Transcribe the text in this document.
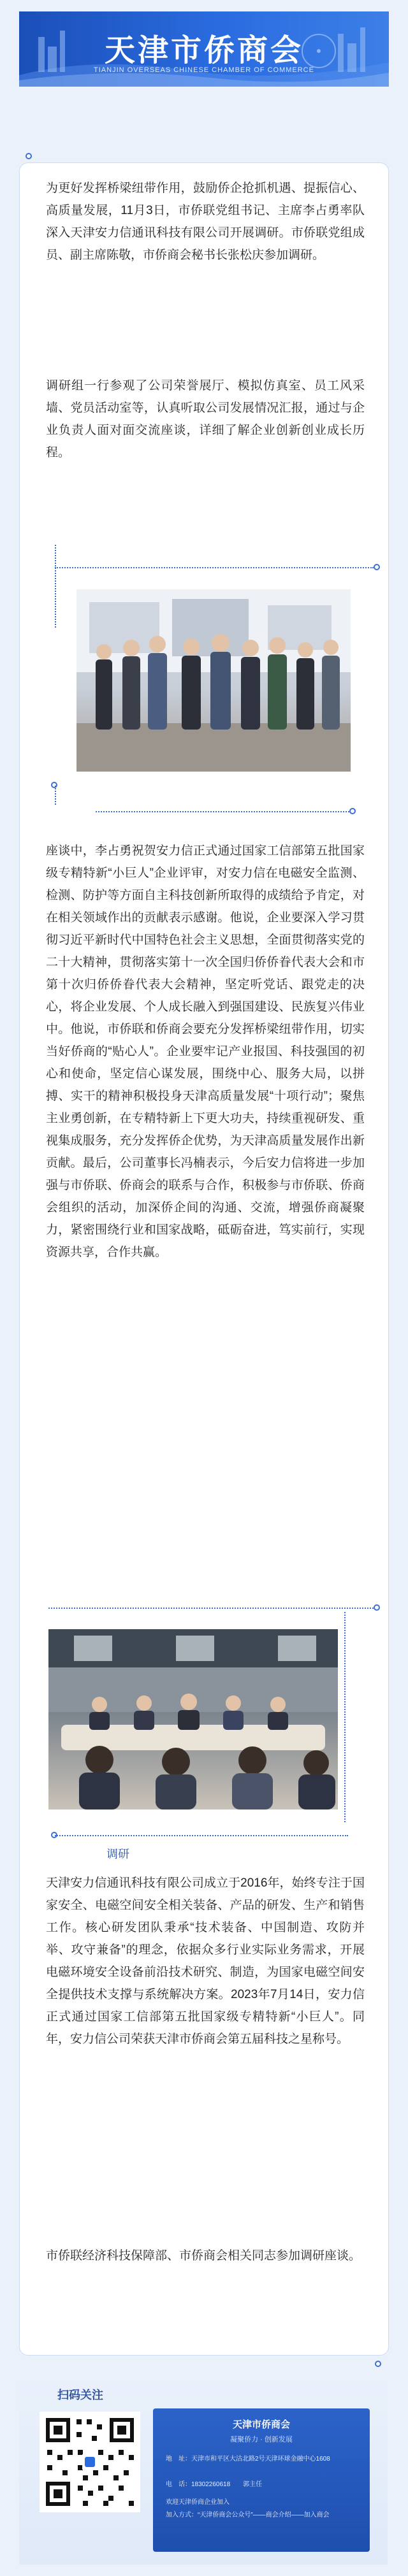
天津市侨商会
TIANJIN OVERSEAS CHINESE CHAMBER OF COMMERCE

为更好发挥桥梁纽带作用，鼓励侨企抢抓机遇、提振信心、高质量发展，11月3日，市侨联党组书记、主席李占勇率队深入天津安力信通讯科技有限公司开展调研。市侨联党组成员、副主席陈敬，市侨商会秘书长张松庆参加调研。

调研组一行参观了公司荣誉展厅、模拟仿真室、员工风采墙、党员活动室等，认真听取公司发展情况汇报，通过与企业负责人面对面交流座谈，详细了解企业创新创业成长历程。

座谈中，李占勇祝贺安力信正式通过国家工信部第五批国家级专精特新“小巨人”企业评审，对安力信在电磁安全监测、检测、防护等方面自主科技创新所取得的成绩给予肯定，对在相关领域作出的贡献表示感谢。他说，企业要深入学习贯彻习近平新时代中国特色社会主义思想，全面贯彻落实党的二十大精神，贯彻落实第十一次全国归侨侨眷代表大会和市第十次归侨侨眷代表大会精神，坚定听党话、跟党走的决心，将企业发展、个人成长融入到强国建设、民族复兴伟业中。他说，市侨联和侨商会要充分发挥桥梁纽带作用，切实当好侨商的“贴心人”。企业要牢记产业报国、科技强国的初心和使命，坚定信心谋发展，围绕中心、服务大局，以拼搏、实干的精神积极投身天津高质量发展“十项行动”；聚焦主业勇创新，在专精特新上下更大功夫，持续重视研发、重视集成服务，充分发挥侨企优势，为天津高质量发展作出新贡献。最后，公司董事长冯楠表示，今后安力信将进一步加强与市侨联、侨商会的联系与合作，积极参与市侨联、侨商会组织的活动，加深侨企间的沟通、交流，增强侨商凝聚力，紧密围绕行业和国家战略，砥砺奋进，笃实前行，实现资源共享，合作共赢。

调研

天津安力信通讯科技有限公司成立于2016年，始终专注于国家安全、电磁空间安全相关装备、产品的研发、生产和销售工作。核心研发团队秉承“技术装备、中国制造、攻防并举、攻守兼备”的理念，依据众多行业实际业务需求，开展电磁环境安全设备前沿技术研究、制造，为国家电磁空间安全提供技术支撑与系统解决方案。2023年7月14日，安力信正式通过国家工信部第五批国家级专精特新“小巨人”。同年，安力信公司荣获天津市侨商会第五届科技之星称号。

市侨联经济科技保障部、市侨商会相关同志参加调研座谈。

扫码关注
天津市侨商会
凝聚侨力 · 创新发展
地　址：天津市和平区大沽北路2号天津环球金融中心1608
电　话：18302260618　　郭主任
欢迎天津侨商企业加入
加入方式：“天津侨商会公众号”——商会介绍——加入商会
